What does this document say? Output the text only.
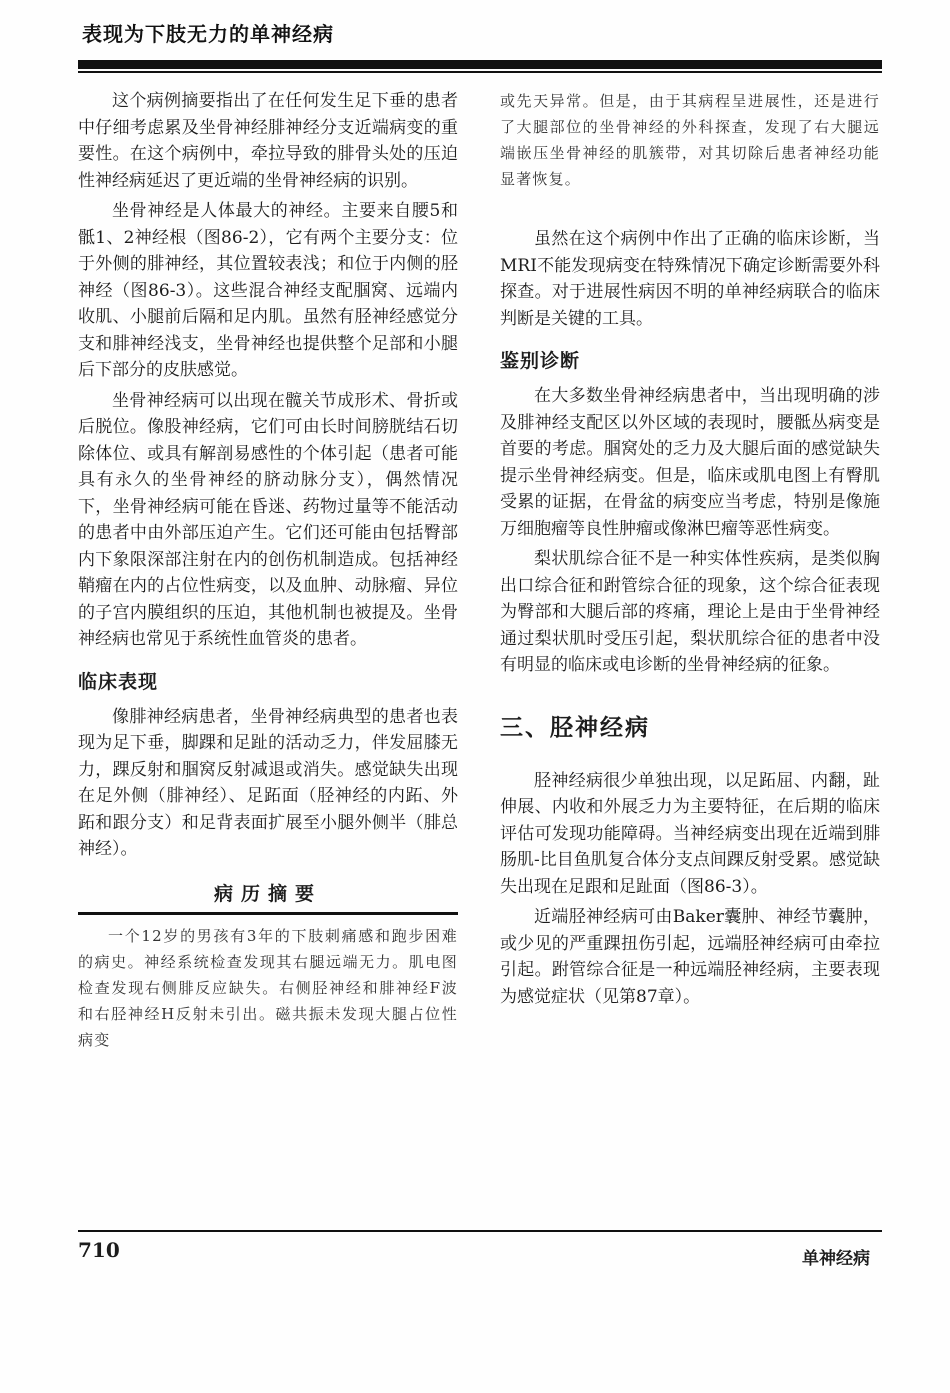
表现为下肢无力的单神经病

这个病例摘要指出了在任何发生足下垂的患者中仔细考虑累及坐骨神经腓神经分支近端病变的重要性。在这个病例中，牵拉导致的腓骨头处的压迫性神经病延迟了更近端的坐骨神经病的识别。

坐骨神经是人体最大的神经。主要来自腰5和骶1、2神经根（图86-2），它有两个主要分支：位于外侧的腓神经，其位置较表浅；和位于内侧的胫神经（图86-3）。这些混合神经支配腘窝、远端内收肌、小腿前后隔和足内肌。虽然有胫神经感觉分支和腓神经浅支，坐骨神经也提供整个足部和小腿后下部分的皮肤感觉。

坐骨神经病可以出现在髋关节成形术、骨折或后脱位。像股神经病，它们可由长时间膀胱结石切除体位、或具有解剖易感性的个体引起（患者可能具有永久的坐骨神经的脐动脉分支），偶然情况下，坐骨神经病可能在昏迷、药物过量等不能活动的患者中由外部压迫产生。它们还可能由包括臀部内下象限深部注射在内的创伤机制造成。包括神经鞘瘤在内的占位性病变，以及血肿、动脉瘤、异位的子宫内膜组织的压迫，其他机制也被提及。坐骨神经病也常见于系统性血管炎的患者。

临床表现

像腓神经病患者，坐骨神经病典型的患者也表现为足下垂，脚踝和足趾的活动乏力，伴发屈膝无力，踝反射和腘窝反射减退或消失。感觉缺失出现在足外侧（腓神经）、足跖面（胫神经的内跖、外跖和跟分支）和足背表面扩展至小腿外侧半（腓总神经）。

病历摘要

一个12岁的男孩有3年的下肢刺痛感和跑步困难的病史。神经系统检查发现其右腿远端无力。肌电图检查发现右侧腓反应缺失。右侧胫神经和腓神经F波和右胫神经H反射未引出。磁共振未发现大腿占位性病变

或先天异常。但是，由于其病程呈进展性，还是进行了大腿部位的坐骨神经的外科探查，发现了右大腿远端嵌压坐骨神经的肌簇带，对其切除后患者神经功能显著恢复。

虽然在这个病例中作出了正确的临床诊断，当MRI不能发现病变在特殊情况下确定诊断需要外科探查。对于进展性病因不明的单神经病联合的临床判断是关键的工具。

鉴别诊断

在大多数坐骨神经病患者中，当出现明确的涉及腓神经支配区以外区域的表现时，腰骶丛病变是首要的考虑。腘窝处的乏力及大腿后面的感觉缺失提示坐骨神经病变。但是，临床或肌电图上有臀肌受累的证据，在骨盆的病变应当考虑，特别是像施万细胞瘤等良性肿瘤或像淋巴瘤等恶性病变。

梨状肌综合征不是一种实体性疾病，是类似胸出口综合征和跗管综合征的现象，这个综合征表现为臀部和大腿后部的疼痛，理论上是由于坐骨神经通过梨状肌时受压引起，梨状肌综合征的患者中没有明显的临床或电诊断的坐骨神经病的征象。

三、胫神经病

胫神经病很少单独出现，以足跖屈、内翻，趾伸展、内收和外展乏力为主要特征，在后期的临床评估可发现功能障碍。当神经病变出现在近端到腓肠肌-比目鱼肌复合体分支点间踝反射受累。感觉缺失出现在足跟和足趾面（图86-3）。

近端胫神经病可由Baker囊肿、神经节囊肿，或少见的严重踝扭伤引起，远端胫神经病可由牵拉引起。跗管综合征是一种远端胫神经病，主要表现为感觉症状（见第87章）。

710	单神经病
